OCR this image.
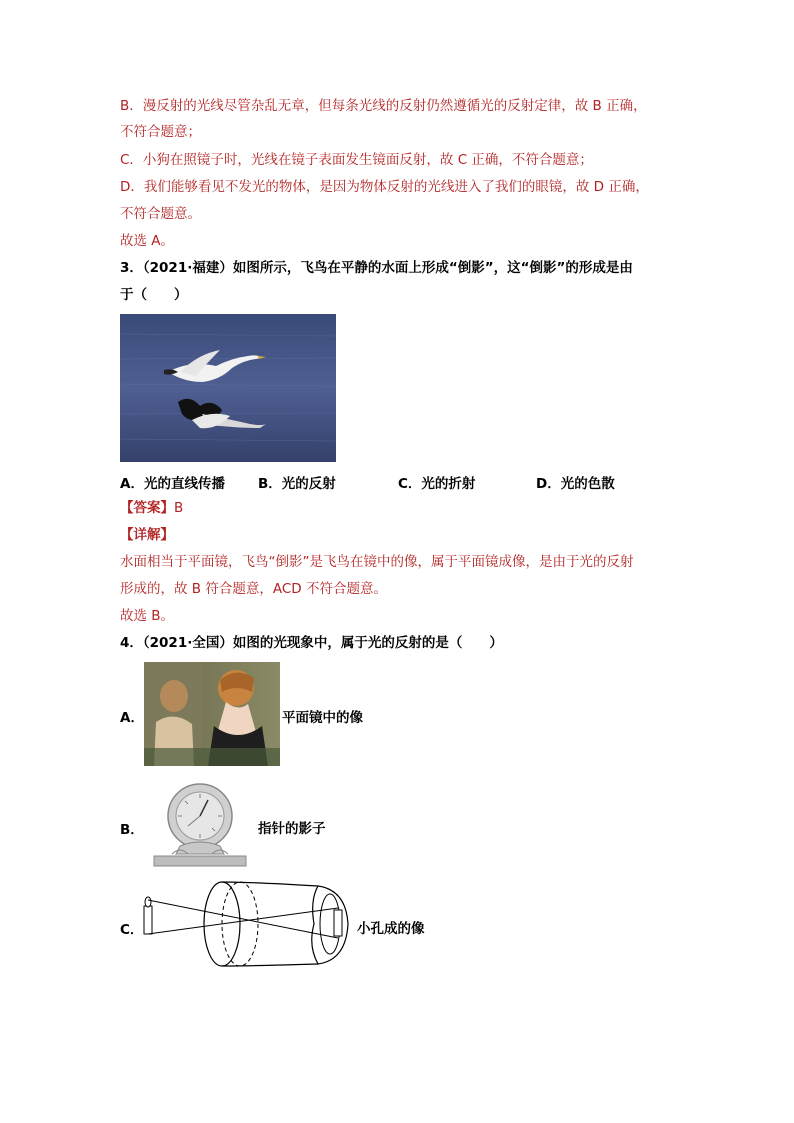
B．漫反射的光线尽管杂乱无章，但每条光线的反射仍然遵循光的反射定律，故 B 正确，
不符合题意；
C．小狗在照镜子时，光线在镜子表面发生镜面反射，故 C 正确，不符合题意；
D．我们能够看见不发光的物体，是因为物体反射的光线进入了我们的眼镜，故 D 正确，
不符合题意。
故选 A。
3．（2021·福建）如图所示，飞鸟在平静的水面上形成“倒影”，这“倒影”的形成是由
于（　　）
A．光的直线传播 B．光的反射	C．光的折射	D．光的色散
【答案】B
【详解】
水面相当于平面镜，飞鸟“倒影”是飞鸟在镜中的像，属于平面镜成像，是由于光的反射
形成的，故 B 符合题意，ACD 不符合题意。
故选 B。
4．（2021·全国）如图的光现象中，属于光的反射的是（　　）
A．	平面镜中的像
B．	指针的影子
C．	小孔成的像
